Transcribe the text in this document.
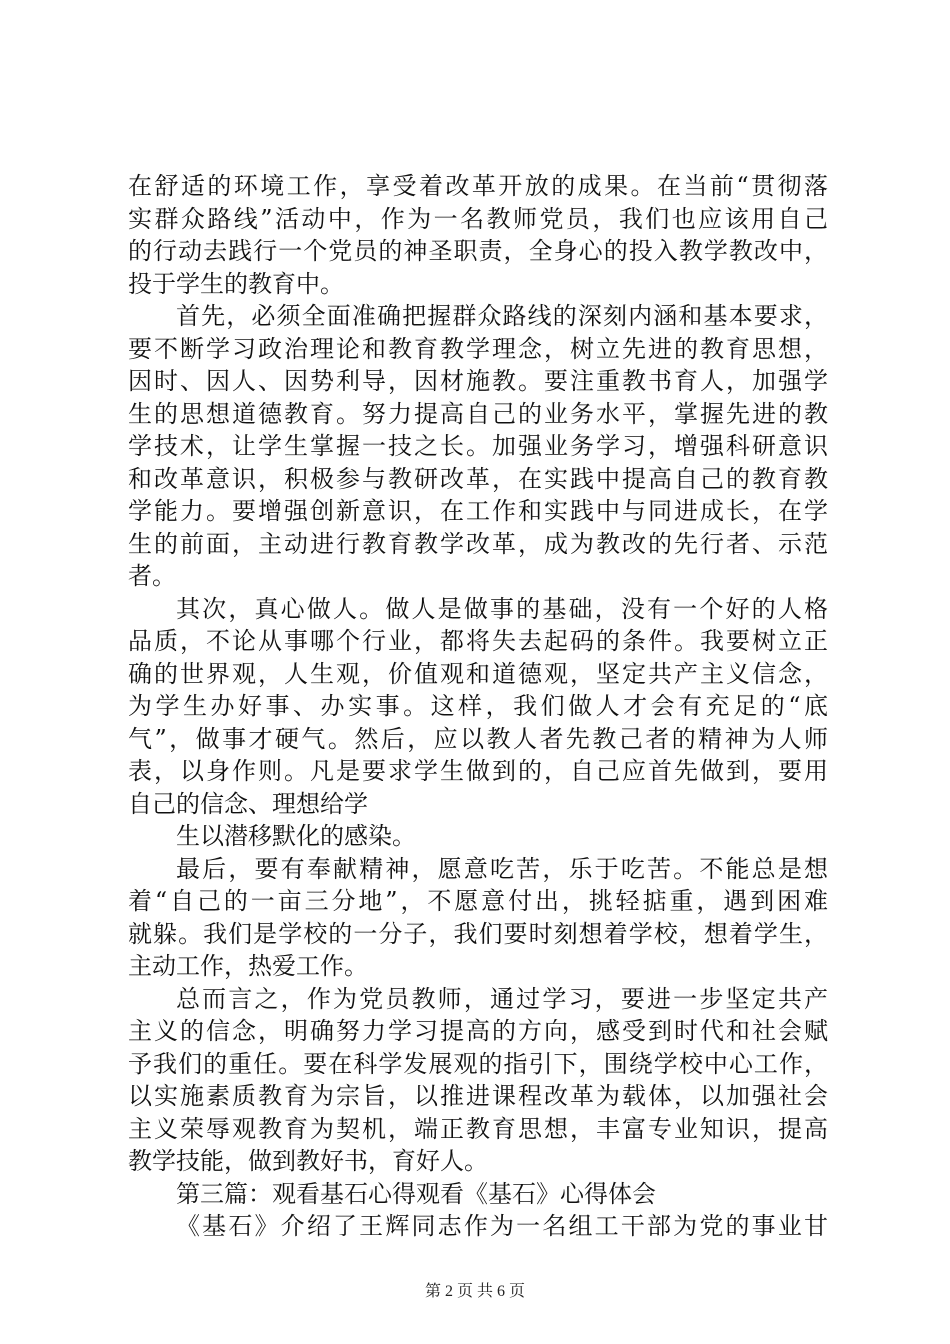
在舒适的环境工作，享受着改革开放的成果。在当前“贯彻落
实群众路线”活动中，作为一名教师党员，我们也应该用自己
的行动去践行一个党员的神圣职责，全身心的投入教学教改中，
投于学生的教育中。
首先，必须全面准确把握群众路线的深刻内涵和基本要求，
要不断学习政治理论和教育教学理念，树立先进的教育思想，
因时、因人、因势利导，因材施教。要注重教书育人，加强学
生的思想道德教育。努力提高自己的业务水平，掌握先进的教
学技术，让学生掌握一技之长。加强业务学习，增强科研意识
和改革意识，积极参与教研改革，在实践中提高自己的教育教
学能力。要增强创新意识，在工作和实践中与同进成长，在学
生的前面，主动进行教育教学改革，成为教改的先行者、示范
者。
其次，真心做人。做人是做事的基础，没有一个好的人格
品质，不论从事哪个行业，都将失去起码的条件。我要树立正
确的世界观，人生观，价值观和道德观，坚定共产主义信念，
为学生办好事、办实事。这样，我们做人才会有充足的“底
气”，做事才硬气。然后，应以教人者先教己者的精神为人师
表，以身作则。凡是要求学生做到的，自己应首先做到，要用
自己的信念、理想给学
生以潜移默化的感染。
最后，要有奉献精神，愿意吃苦，乐于吃苦。不能总是想
着“自己的一亩三分地”，不愿意付出，挑轻掂重，遇到困难
就躲。我们是学校的一分子，我们要时刻想着学校，想着学生，
主动工作，热爱工作。
总而言之，作为党员教师，通过学习，要进一步坚定共产
主义的信念，明确努力学习提高的方向，感受到时代和社会赋
予我们的重任。要在科学发展观的指引下，围绕学校中心工作，
以实施素质教育为宗旨，以推进课程改革为载体，以加强社会
主义荣辱观教育为契机，端正教育思想，丰富专业知识，提高
教学技能，做到教好书，育好人。
第三篇：观看基石心得观看《基石》心得体会
《基石》介绍了王辉同志作为一名组工干部为党的事业甘
第 2 页 共 6 页
